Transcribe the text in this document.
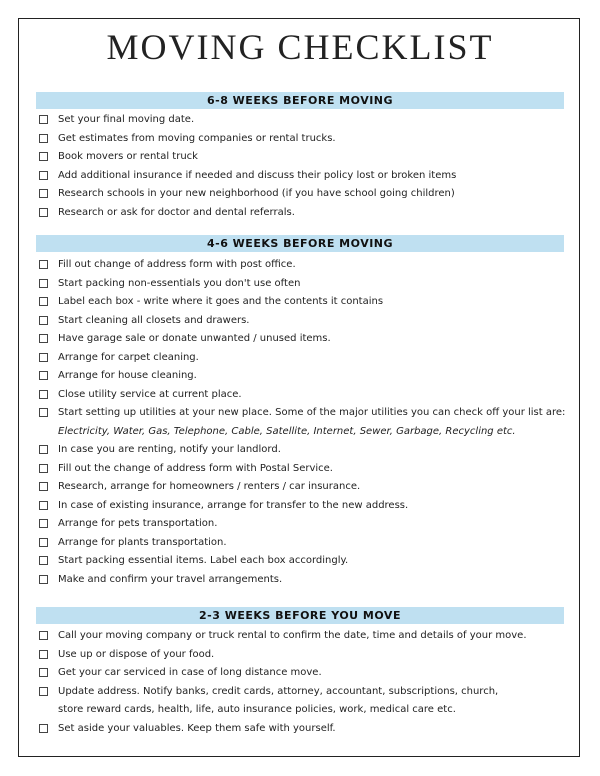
MOVING CHECKLIST
6-8 WEEKS BEFORE MOVING
Set your final moving date.
Get estimates from moving companies or rental trucks.
Book movers or rental truck
Add additional insurance if needed and discuss their policy lost or broken items
Research schools in your new neighborhood (if you have school going children)
Research or ask for doctor and dental referrals.
4-6 WEEKS BEFORE MOVING
Fill out change of address form with post office.
Start packing non-essentials you don't use often
Label each box - write where it goes and the contents it contains
Start cleaning all closets and drawers.
Have garage sale or donate unwanted / unused items.
Arrange for carpet cleaning.
Arrange for house cleaning.
Close utility service at current place.
Start setting up utilities at your new place. Some of the major utilities you can check off your list are:
Electricity, Water, Gas, Telephone, Cable, Satellite, Internet, Sewer, Garbage, Recycling etc.
In case you are renting, notify your landlord.
Fill out the change of address form with Postal Service.
Research, arrange for homeowners / renters / car insurance.
In case of existing insurance, arrange for transfer to the new address.
Arrange for pets transportation.
Arrange for plants transportation.
Start packing essential items. Label each box accordingly.
Make and confirm your travel arrangements.
2-3 WEEKS BEFORE YOU MOVE
Call your moving company or truck rental to confirm the date, time and details of your move.
Use up or dispose of your food.
Get your car serviced in case of long distance move.
Update address. Notify banks, credit cards, attorney, accountant, subscriptions, church,
store reward cards, health, life, auto insurance policies, work, medical care etc.
Set aside your valuables. Keep them safe with yourself.
